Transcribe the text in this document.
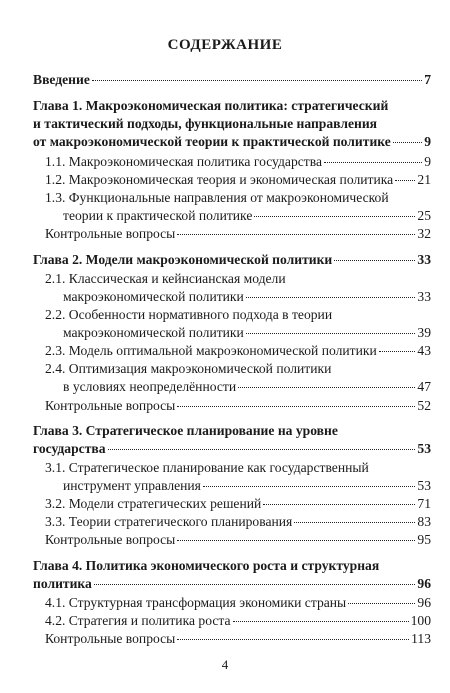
СОДЕРЖАНИЕ
Введение	7
Глава 1. Макроэкономическая политика: стратегический
и тактический подходы, функциональные направления
от макроэкономической теории к практической политике 9
1.1. Макроэкономическая политика государства	9
1.2. Макроэкономическая теория и экономическая политика 21
1.3. Функциональные направления от макроэкономической
теории к практической политике	25
Контрольные вопросы	32
Глава 2. Модели макроэкономической политики	33
2.1. Классическая и кейнсианская модели
макроэкономической политики	33
2.2. Особенности нормативного подхода в теории
макроэкономической политики	39
2.3. Модель оптимальной макроэкономической политики	43
2.4. Оптимизация макроэкономической политики
в условиях неопределённости	47
Контрольные вопросы	52
Глава 3. Стратегическое планирование на уровне
государства	53
3.1. Стратегическое планирование как государственный
инструмент управления	53
3.2. Модели стратегических решений	71
3.3. Теории стратегического планирования	83
Контрольные вопросы	95
Глава 4. Политика экономического роста и структурная
политика	96
4.1. Структурная трансформация экономики страны	96
4.2. Стратегия и политика роста	100
Контрольные вопросы	113
4
